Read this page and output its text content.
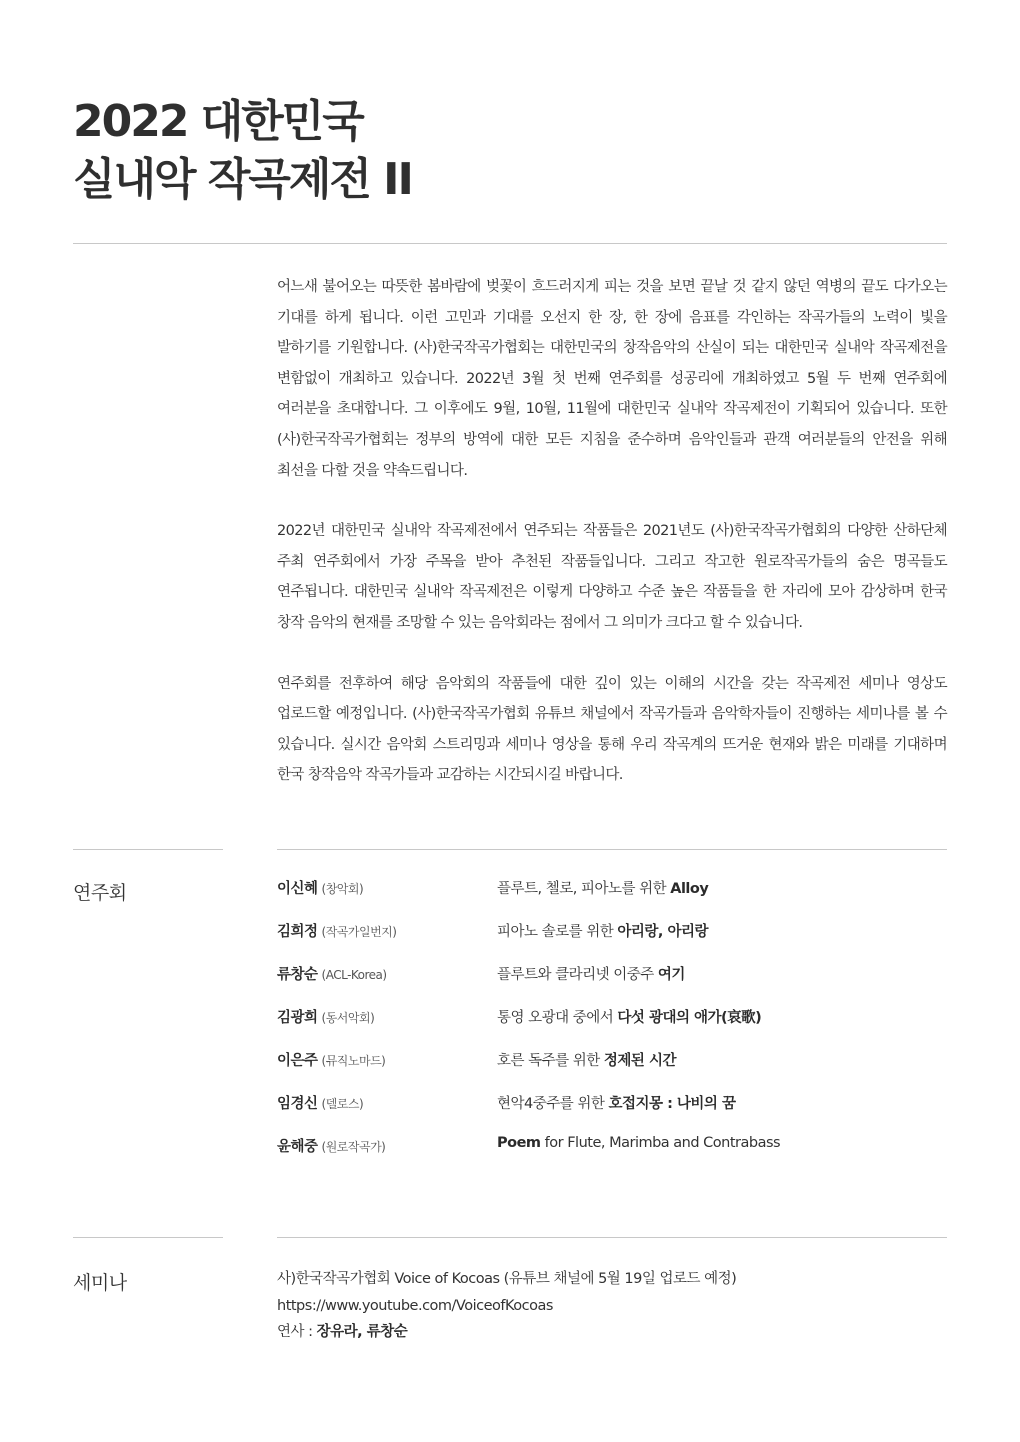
2022 대한민국
실내악 작곡제전 II

어느새 불어오는 따뜻한 봄바람에 벚꽃이 흐드러지게 피는 것을 보면 끝날 것 같지 않던 역병의 끝도 다가오는 기대를 하게 됩니다. 이런 고민과 기대를 오선지 한 장, 한 장에 음표를 각인하는 작곡가들의 노력이 빛을 발하기를 기원합니다. (사)한국작곡가협회는 대한민국의 창작음악의 산실이 되는 대한민국 실내악 작곡제전을 변함없이 개최하고 있습니다. 2022년 3월 첫 번째 연주회를 성공리에 개최하였고 5월 두 번째 연주회에 여러분을 초대합니다. 그 이후에도 9월, 10월, 11월에 대한민국 실내악 작곡제전이 기획되어 있습니다. 또한 (사)한국작곡가협회는 정부의 방역에 대한 모든 지침을 준수하며 음악인들과 관객 여러분들의 안전을 위해 최선을 다할 것을 약속드립니다.

2022년 대한민국 실내악 작곡제전에서 연주되는 작품들은 2021년도 (사)한국작곡가협회의 다양한 산하단체 주최 연주회에서 가장 주목을 받아 추천된 작품들입니다. 그리고 작고한 원로작곡가들의 숨은 명곡들도 연주됩니다. 대한민국 실내악 작곡제전은 이렇게 다양하고 수준 높은 작품들을 한 자리에 모아 감상하며 한국 창작 음악의 현재를 조망할 수 있는 음악회라는 점에서 그 의미가 크다고 할 수 있습니다.

연주회를 전후하여 해당 음악회의 작품들에 대한 깊이 있는 이해의 시간을 갖는 작곡제전 세미나 영상도 업로드할 예정입니다. (사)한국작곡가협회 유튜브 채널에서 작곡가들과 음악학자들이 진행하는 세미나를 볼 수 있습니다. 실시간 음악회 스트리밍과 세미나 영상을 통해 우리 작곡계의 뜨거운 현재와 밝은 미래를 기대하며 한국 창작음악 작곡가들과 교감하는 시간되시길 바랍니다.

연주회	이신혜 (창악회)	플루트, 첼로, 피아노를 위한 Alloy
김희정 (작곡가일번지)	피아노 솔로를 위한 아리랑, 아리랑
류창순 (ACL-Korea)	플루트와 클라리넷 이중주 여기
김광희 (동서악회)	통영 오광대 중에서 다섯 광대의 애가(哀歌)
이은주 (뮤직노마드)	호른 독주를 위한 정제된 시간
임경신 (델로스)	현악4중주를 위한 호접지몽 : 나비의 꿈
윤해중 (원로작곡가)	Poem for Flute, Marimba and Contrabass
세미나	사)한국작곡가협회 Voice of Kocoas (유튜브 채널에 5월 19일 업로드 예정)
https://www.youtube.com/VoiceofKocoas
연사 : 장유라, 류창순
